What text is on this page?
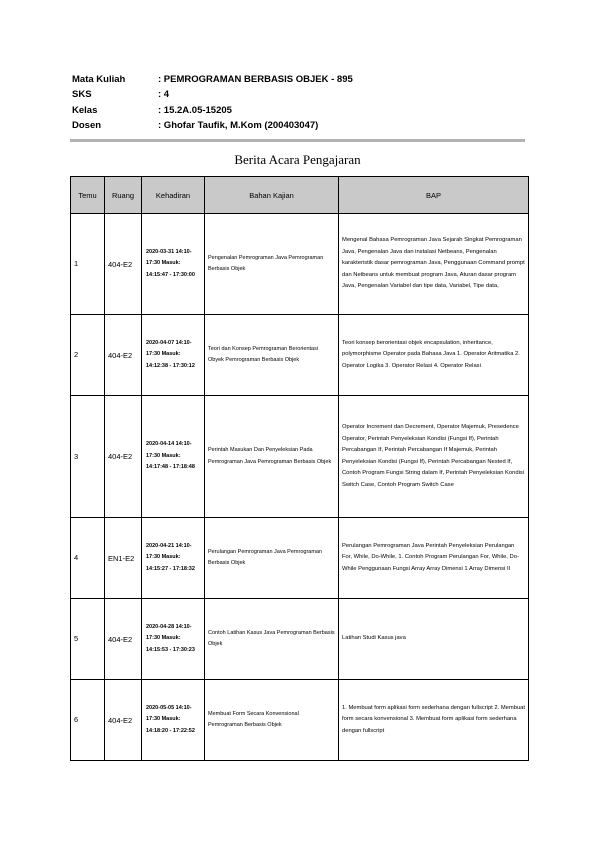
Mata Kuliah	: PEMROGRAMAN BERBASIS OBJEK - 895
SKS	: 4
Kelas	: 15.2A.05-15205
Dosen	: Ghofar Taufik, M.Kom (200403047)
Berita Acara Pengajaran
Temu	Ruang	Kehadiran	Bahan Kajian	BAP
1	404-E2	2020-03-31 14:10-17:30 Masuk: 14:15:47 - 17:30:00	Pengenalan Pemrograman Java Pemrograman Berbasis Objek	Mengenal Bahasa Pemrograman Java Sejarah Singkat Pemrograman Java, Pengenalan Java dan instalasi Netbeans, Pengenalan karakteristik dasar pemrograman Java, Penggunaan Command prompt dan Netbeans untuk membuat program Java, Aturan dasar program Java, Pengenalan Variabel dan tipe data, Variabel, Tipe data,
2	404-E2	2020-04-07 14:10-17:30 Masuk: 14:12:38 - 17:30:12	Teori dan Konsep Pemrograman Berorientasi Obyek Pemrograman Berbasis Objek	Teori konsep berorientasi objek encapsulation, inheritance, polymorphisme Operator pada Bahasa Java 1. Operator Aritmatika 2. Operator Logika 3. Operator Relasi 4. Operator Relasi
3	404-E2	2020-04-14 14:10-17:30 Masuk: 14:17:48 - 17:18:48	Perintah Masukan Dan Penyeleksian Pada Pemrograman Java Pemrograman Berbasis Objek	Operator Increment dan Decrement, Operator Majemuk, Presedence Operator, Perintah Penyeleksian Kondisi (Fungsi If), Perintah Percabangan If, Perintah Percabangan If Majemuk, Perintah Penyeleksian Kondisi (Fungsi If), Perintah Percabangan Nested If, Contoh Program Fungsi String dalam If, Perintah Penyeleksian Kondisi Switch Case, Contoh Program Switch Case
4	EN1-E2	2020-04-21 14:10-17:30 Masuk: 14:15:27 - 17:18:32	Perulangan Pemrograman Java Pemrograman Berbasis Objek	Perulangan Pemrograman Java Perintah Penyeleksian Perulangan For, While, Do-While, 1. Contoh Program Perulangan For, While, Do-While Penggunaan Fungsi Array Array Dimensi 1 Array Dimensi II
5	404-E2	2020-04-28 14:10-17:30 Masuk: 14:15:53 - 17:30:23	Contoh Latihan Kasus Java Pemrograman Berbasis Objek	Latihan Studi Kasus java
6	404-E2	2020-05-05 14:10-17:30 Masuk: 14:18:20 - 17:22:52	Membuat Form Secara Konvensional Pemrograman Berbasis Objek	1. Membuat form aplikasi form sederhana dengan fullscript 2. Membuat form secara konvensional 3. Membuat form aplikasi form sederhana dengan fullscript
